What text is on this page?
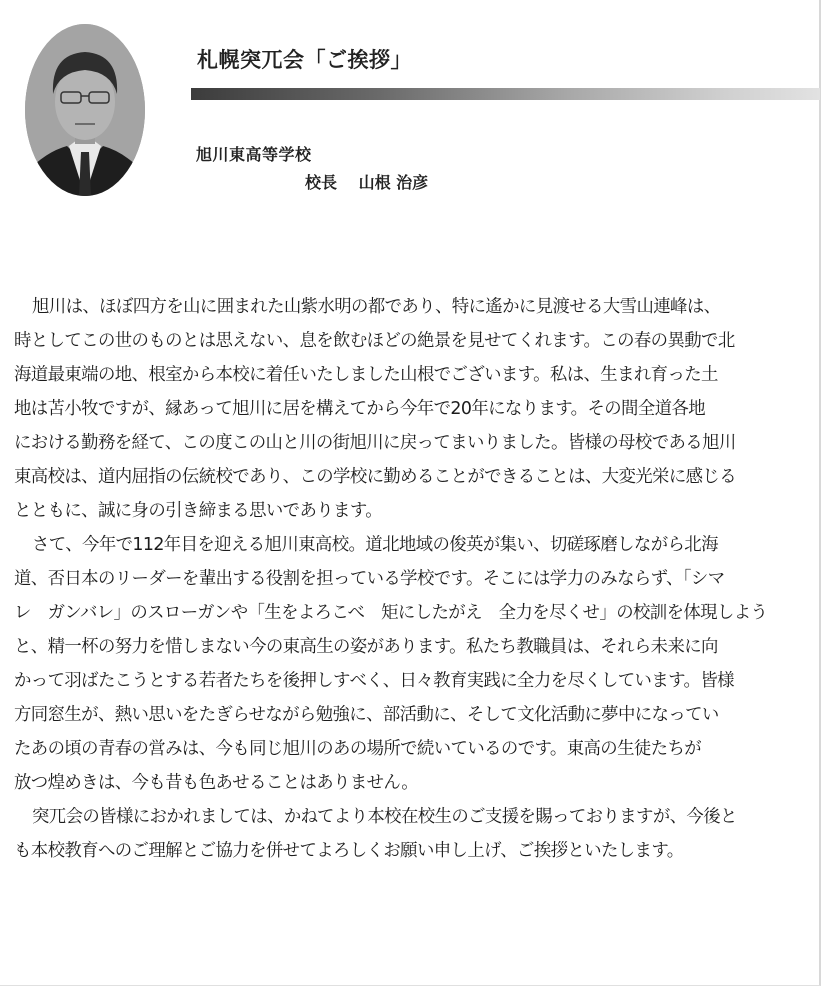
札幌突兀会「ご挨拶」
旭川東高等学校
校長　 山根 治彦
旭川は、ほぼ四方を山に囲まれた山紫水明の都であり、特に遙かに見渡せる大雪山連峰は、
時としてこの世のものとは思えない、息を飲むほどの絶景を見せてくれます。この春の異動で北
海道最東端の地、根室から本校に着任いたしました山根でございます。私は、生まれ育った土
地は苫小牧ですが、縁あって旭川に居を構えてから今年で20年になります。その間全道各地
における勤務を経て、この度この山と川の街旭川に戻ってまいりました。皆様の母校である旭川
東高校は、道内屈指の伝統校であり、この学校に勤めることができることは、大変光栄に感じる
とともに、誠に身の引き締まる思いであります。
さて、今年で112年目を迎える旭川東高校。道北地域の俊英が集い、切磋琢磨しながら北海
道、否日本のリーダーを輩出する役割を担っている学校です。そこには学力のみならず、「シマ
レ　ガンバレ」のスローガンや「生をよろこべ　矩にしたがえ　全力を尽くせ」の校訓を体現しよう
と、精一杯の努力を惜しまない今の東高生の姿があります。私たち教職員は、それら未来に向
かって羽ばたこうとする若者たちを後押しすべく、日々教育実践に全力を尽くしています。皆様
方同窓生が、熱い思いをたぎらせながら勉強に、部活動に、そして文化活動に夢中になってい
たあの頃の青春の営みは、今も同じ旭川のあの場所で続いているのです。東高の生徒たちが
放つ煌めきは、今も昔も色あせることはありません。
突兀会の皆様におかれましては、かねてより本校在校生のご支援を賜っておりますが、今後と
も本校教育へのご理解とご協力を併せてよろしくお願い申し上げ、ご挨拶といたします。
